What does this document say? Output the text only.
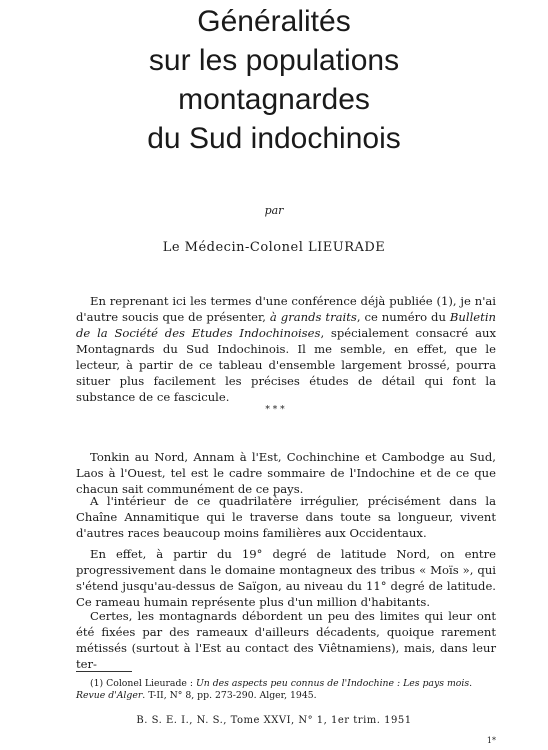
Généralités
sur les populations
montagnardes
du Sud indochinois
par
Le Médecin-Colonel LIEURADE

En reprenant ici les termes d'une conférence déjà publiée (1), je n'ai d'autre soucis que de présenter, à grands traits, ce numéro du Bulletin de la Société des Etudes Indochinoises, spécialement consacré aux Montagnards du Sud Indochinois. Il me semble, en effet, que le lecteur, à partir de ce tableau d'ensemble largement brossé, pourra situer plus facilement les précises études de détail qui font la substance de ce fascicule.

* * *

Tonkin au Nord, Annam à l'Est, Cochinchine et Cambodge au Sud, Laos à l'Ouest, tel est le cadre sommaire de l'Indochine et de ce que chacun sait communément de ce pays.

A l'intérieur de ce quadrilatère irrégulier, précisément dans la Chaîne Annamitique qui le traverse dans toute sa longueur, vivent d'autres races beaucoup moins familières aux Occidentaux.

En effet, à partir du 19° degré de latitude Nord, on entre progressivement dans le domaine montagneux des tribus « Moïs », qui s'étend jusqu'au-dessus de Saïgon, au niveau du 11° degré de latitude. Ce rameau humain représente plus d'un million d'habitants.

Certes, les montagnards débordent un peu des limites qui leur ont été fixées par des rameaux d'ailleurs décadents, quoique rarement métissés (surtout à l'Est au contact des Viêtnamiens), mais, dans leur ter-

(1) Colonel Lieurade : Un des aspects peu connus de l'Indochine : Les pays mois. Revue d'Alger. T-II, N° 8, pp. 273-290. Alger, 1945.

B. S. E. I., N. S., Tome XXVI, N° 1, 1er trim. 1951
1*
